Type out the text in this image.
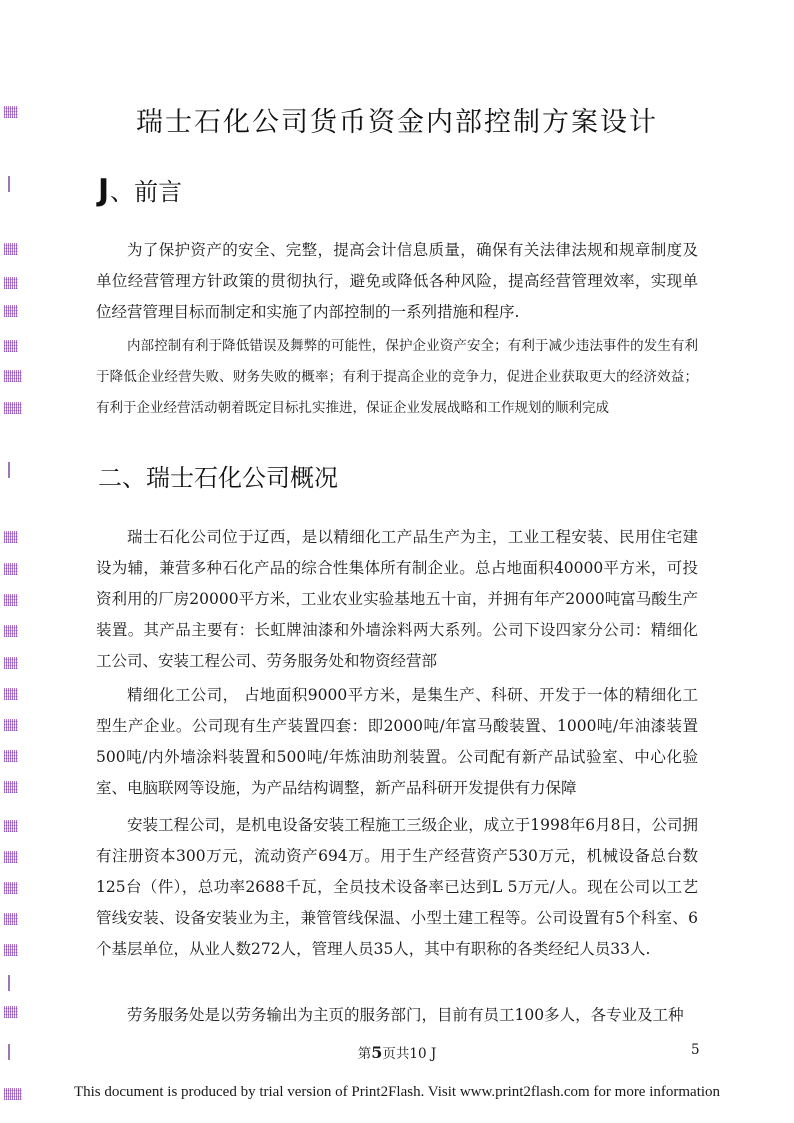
瑞士石化公司货币资金内部控制方案设计
J、前言
为了保护资产的安全、完整，提高会计信息质量，确保有关法律法规和规章制度及单位经营管理方针政策的贯彻执行，避免或降低各种风险，提高经营管理效率，实现单位经营管理目标而制定和实施了内部控制的一系列措施和程序.
内部控制有利于降低错误及舞弊的可能性，保护企业资产安全；有利于减少违法事件的发生有利于降低企业经营失败、财务失败的概率；有利于提高企业的竞争力，促进企业获取更大的经济效益；有利于企业经营活动朝着既定目标扎实推进，保证企业发展战略和工作规划的顺利完成
二、瑞士石化公司概况
瑞士石化公司位于辽西，是以精细化工产品生产为主，工业工程安装、民用住宅建设为辅，兼营多种石化产品的综合性集体所有制企业。总占地面积40000平方米，可投资利用的厂房20000平方米，工业农业实验基地五十亩，并拥有年产2000吨富马酸生产装置。其产品主要有：长虹牌油漆和外墙涂料两大系列。公司下设四家分公司：精细化工公司、安装工程公司、劳务服务处和物资经营部
精细化工公司， 占地面积9000平方米，是集生产、科研、开发于一体的精细化工型生产企业。公司现有生产装置四套：即2000吨/年富马酸装置、1000吨/年油漆装置500吨/内外墙涂料装置和500吨/年炼油助剂装置。公司配有新产品试验室、中心化验室、电脑联网等设施，为产品结构调整，新产品科研开发提供有力保障
安装工程公司，是机电设备安装工程施工三级企业，成立于1998年6月8日，公司拥有注册资本300万元，流动资产694万。用于生产经营资产530万元，机械设备总台数125台（件），总功率2688千瓦，全员技术设备率已达到L 5万元/人。现在公司以工艺管线安装、设备安装业为主，兼管管线保温、小型土建工程等。公司设置有5个科室、6个基层单位，从业人数272人，管理人员35人，其中有职称的各类经纪人员33人.
劳务服务处是以劳务输出为主页的服务部门，目前有员工100多人，各专业及工种
第5页共10 J	5
This document is produced by trial version of Print2Flash. Visit www.print2flash.com for more information
